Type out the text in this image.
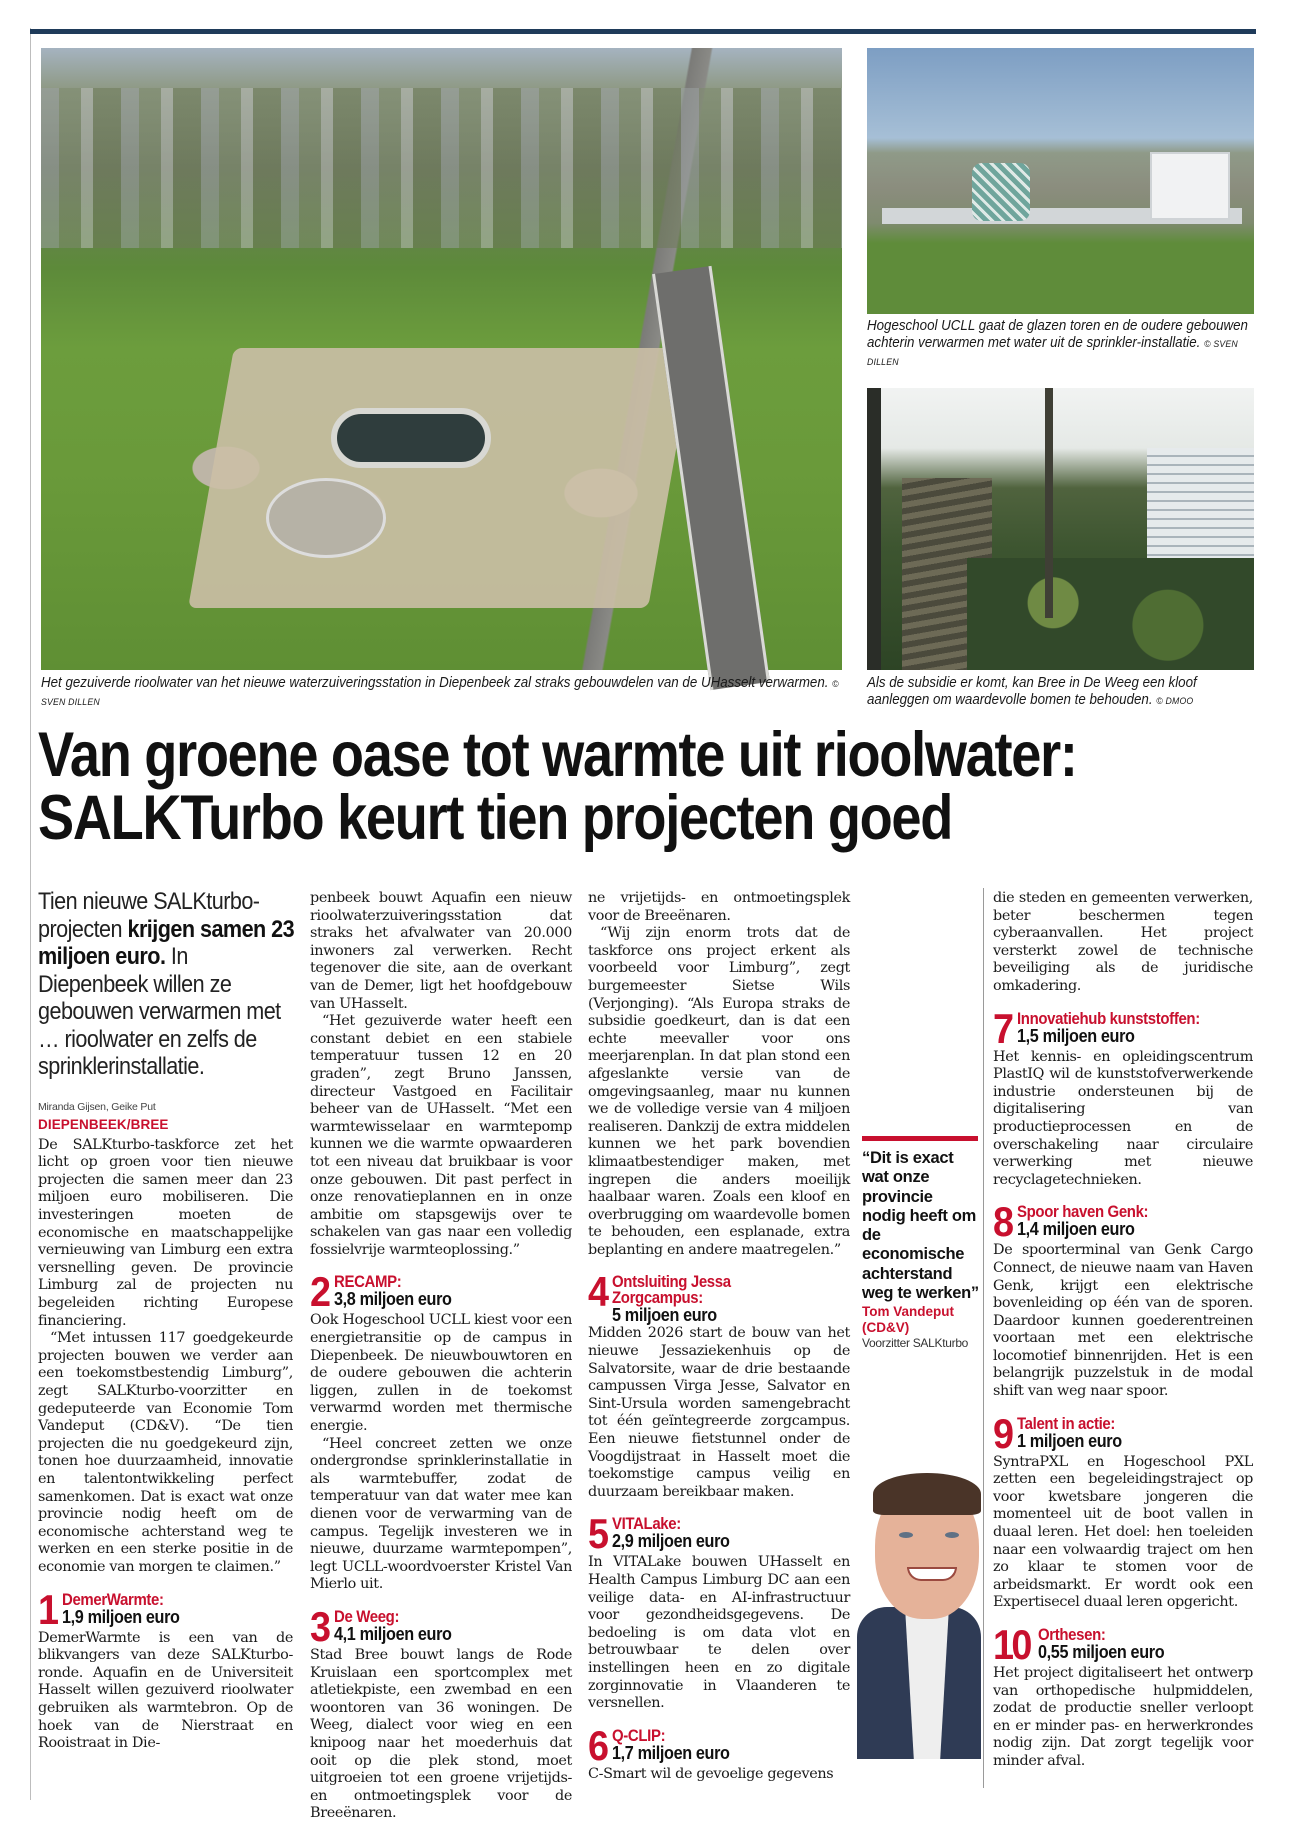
Het gezuiverde rioolwater van het nieuwe waterzuiveringsstation in Diepenbeek zal straks gebouwdelen van de UHasselt verwarmen. © SVEN DILLEN
Hogeschool UCLL gaat de glazen toren en de oudere gebouwen achterin verwarmen met water uit de sprinkler-installatie. © SVEN DILLEN
Als de subsidie er komt, kan Bree in De Weeg een kloof aanleggen om waardevolle bomen te behouden. © DMOO
Van groene oase tot warmte uit rioolwater:
SALKTurbo keurt tien projecten goed
Tien nieuwe SALKturbo-projecten krijgen samen 23 miljoen euro. In Diepenbeek willen ze gebouwen verwarmen met … rioolwater en zelfs de sprinklerinstallatie.
Miranda Gijsen, Geike Put
DIEPENBEEK/BREE

De SALKturbo-taskforce zet het licht op groen voor tien nieuwe projecten die samen meer dan 23 miljoen euro mobiliseren. Die investeringen moeten de economische en maatschappelijke vernieuwing van Limburg een extra versnelling geven. De provincie Limburg zal de projecten nu begeleiden richting Europese financiering.

“Met intussen 117 goedgekeurde projecten bouwen we verder aan een toekomstbestendig Limburg”, zegt SALKturbo-voorzitter en gedeputeerde van Economie Tom Vandeput (CD&V). “De tien projecten die nu goedgekeurd zijn, tonen hoe duurzaamheid, innovatie en talentontwikkeling perfect samenkomen. Dat is exact wat onze provincie nodig heeft om de economische achterstand weg te werken en een sterke positie in de economie van morgen te claimen.”

1 DemerWarmte:
1,9 miljoen euro

DemerWarmte is een van de blikvangers van deze SALKturbo-ronde. Aquafin en de Universiteit Hasselt willen gezuiverd rioolwater gebruiken als warmtebron. Op de hoek van de Nierstraat en Rooistraat in Die-

penbeek bouwt Aquafin een nieuw rioolwaterzuiveringsstation dat straks het afvalwater van 20.000 inwoners zal verwerken. Recht tegenover die site, aan de overkant van de Demer, ligt het hoofdgebouw van UHasselt.

“Het gezuiverde water heeft een constant debiet en een stabiele temperatuur tussen 12 en 20 graden”, zegt Bruno Janssen, directeur Vastgoed en Facilitair beheer van de UHasselt. “Met een warmtewisselaar en warmtepomp kunnen we die warmte opwaarderen tot een niveau dat bruikbaar is voor onze gebouwen. Dit past perfect in onze renovatieplannen en in onze ambitie om stapsgewijs over te schakelen van gas naar een volledig fossielvrije warmteoplossing.”

2 RECAMP:
3,8 miljoen euro

Ook Hogeschool UCLL kiest voor een energietransitie op de campus in Diepenbeek. De nieuwbouwtoren en de oudere gebouwen die achterin liggen, zullen in de toekomst verwarmd worden met thermische energie.

“Heel concreet zetten we onze ondergrondse sprinklerinstallatie in als warmtebuffer, zodat de temperatuur van dat water mee kan dienen voor de verwarming van de campus. Tegelijk investeren we in nieuwe, duurzame warmtepompen”, legt UCLL-woordvoerster Kristel Van Mierlo uit.

3 De Weeg:
4,1 miljoen euro

Stad Bree bouwt langs de Rode Kruislaan een sportcomplex met atletiekpiste, een zwembad en een woontoren van 36 woningen. De Weeg, dialect voor wieg en een knipoog naar het moederhuis dat ooit op die plek stond, moet uitgroeien tot een groene vrijetijds- en ontmoetingsplek voor de Breeënaren.

ne vrijetijds- en ontmoetingsplek voor de Breeënaren.

“Wij zijn enorm trots dat de taskforce ons project erkent als voorbeeld voor Limburg”, zegt burgemeester Sietse Wils (Verjonging). “Als Europa straks de subsidie goedkeurt, dan is dat een echte meevaller voor ons meerjarenplan. In dat plan stond een afgeslankte versie van de omgevingsaanleg, maar nu kunnen we de volledige versie van 4 miljoen realiseren. Dankzij de extra middelen kunnen we het park bovendien klimaatbestendiger maken, met ingrepen die anders moeilijk haalbaar waren. Zoals een kloof en overbrugging om waardevolle bomen te behouden, een esplanade, extra beplanting en andere maatregelen.”

4 Ontsluiting Jessa Zorgcampus:
5 miljoen euro

Midden 2026 start de bouw van het nieuwe Jessaziekenhuis op de Salvatorsite, waar de drie bestaande campussen Virga Jesse, Salvator en Sint-Ursula worden samengebracht tot één geïntegreerde zorgcampus. Een nieuwe fietstunnel onder de Voogdijstraat in Hasselt moet die toekomstige campus veilig en duurzaam bereikbaar maken.

5 VITALake:
2,9 miljoen euro

In VITALake bouwen UHasselt en Health Campus Limburg DC aan een veilige data- en AI-infrastructuur voor gezondheidsgegevens. De bedoeling is om data vlot en betrouwbaar te delen over instellingen heen en zo digitale zorginnovatie in Vlaanderen te versnellen.

6 Q-CLIP:
1,7 miljoen euro

C-Smart wil de gevoelige gegevens

“Dit is exact wat onze provincie nodig heeft om de economische achterstand weg te werken”
Tom Vandeput (CD&V)
Voorzitter SALKturbo

die steden en gemeenten verwerken, beter beschermen tegen cyberaanvallen. Het project versterkt zowel de technische beveiliging als de juridische omkadering.

7 Innovatiehub kunststoffen:
1,5 miljoen euro

Het kennis- en opleidingscentrum PlastIQ wil de kunststofverwerkende industrie ondersteunen bij de digitalisering van productieprocessen en de overschakeling naar circulaire verwerking met nieuwe recyclagetechnieken.

8 Spoor haven Genk:
1,4 miljoen euro

De spoorterminal van Genk Cargo Connect, de nieuwe naam van Haven Genk, krijgt een elektrische bovenleiding op één van de sporen. Daardoor kunnen goederentreinen voortaan met een elektrische locomotief binnenrijden. Het is een belangrijk puzzelstuk in de modal shift van weg naar spoor.

9 Talent in actie:
1 miljoen euro

SyntraPXL en Hogeschool PXL zetten een begeleidingstraject op voor kwetsbare jongeren die momenteel uit de boot vallen in duaal leren. Het doel: hen toeleiden naar een volwaardig traject om hen zo klaar te stomen voor de arbeidsmarkt. Er wordt ook een Expertisecel duaal leren opgericht.

10 Orthesen:
0,55 miljoen euro

Het project digitaliseert het ontwerp van orthopedische hulpmiddelen, zodat de productie sneller verloopt en er minder pas- en herwerkrondes nodig zijn. Dat zorgt tegelijk voor minder afval.
